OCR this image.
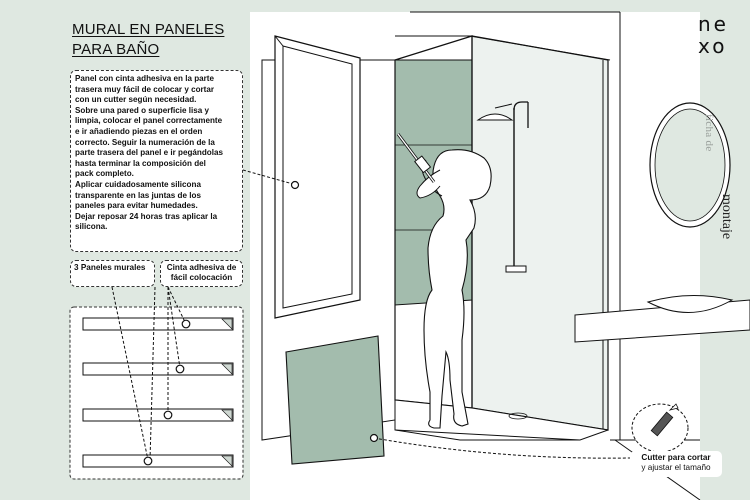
MURAL EN PANELES
PARA BAÑO

Panel con cinta adhesiva en la parte
trasera muy fácil de colocar y cortar
con un cutter según necesidad.
Sobre una pared o superficie lisa y
limpia, colocar el panel correctamente
e ir añadiendo piezas en el orden
correcto. Seguir la numeración de la
parte trasera del panel e ir pegándolas
hasta terminar la composición del
pack completo.
Aplicar cuidadosamente silicona
transparente en las juntas de los
paneles para evitar humedades.
Dejar reposar 24 horas tras aplicar la
silicona.

3 Paneles murales	Cinta adhesiva de fácil colocación
Cutter para cortar
y ajustar el tamaño
ne
xo
ficha de
montaje
